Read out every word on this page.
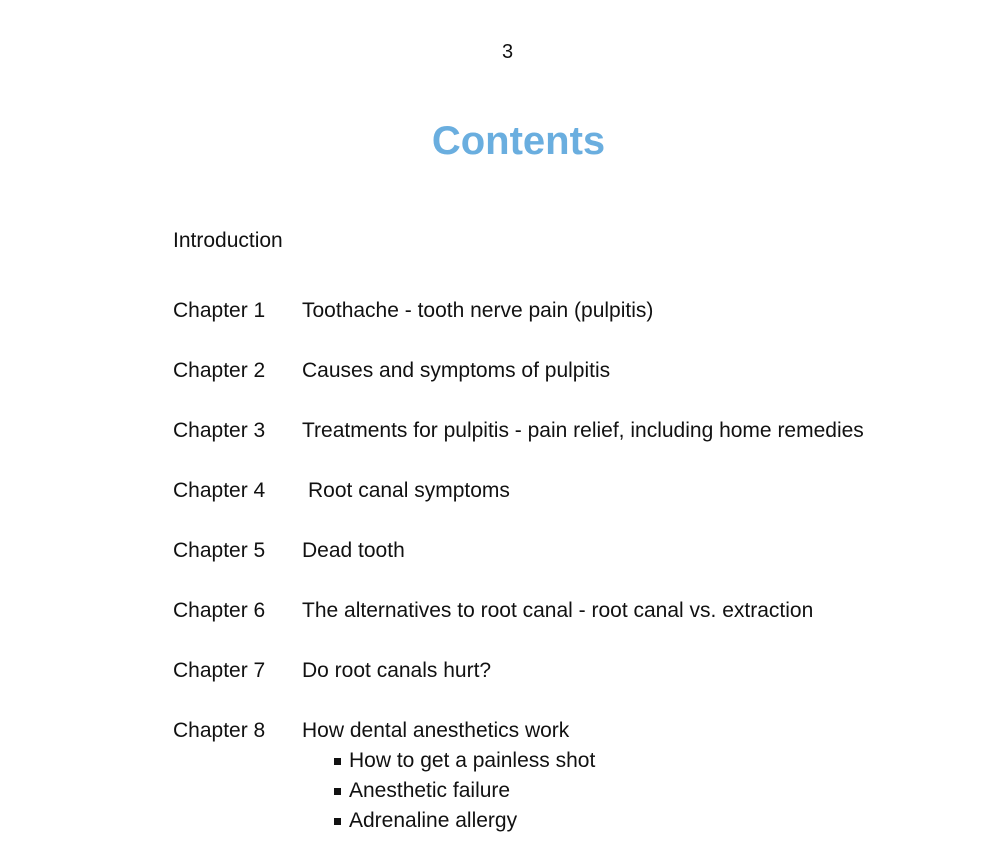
3
Contents
Introduction
Chapter 1 Toothache - tooth nerve pain (pulpitis)
Chapter 2 Causes and symptoms of pulpitis
Chapter 3 Treatments for pulpitis - pain relief, including home remedies
Chapter 4 Root canal symptoms
Chapter 5 Dead tooth
Chapter 6 The alternatives to root canal - root canal vs. extraction
Chapter 7 Do root canals hurt?
Chapter 8 How dental anesthetics work
How to get a painless shot
Anesthetic failure
Adrenaline allergy
